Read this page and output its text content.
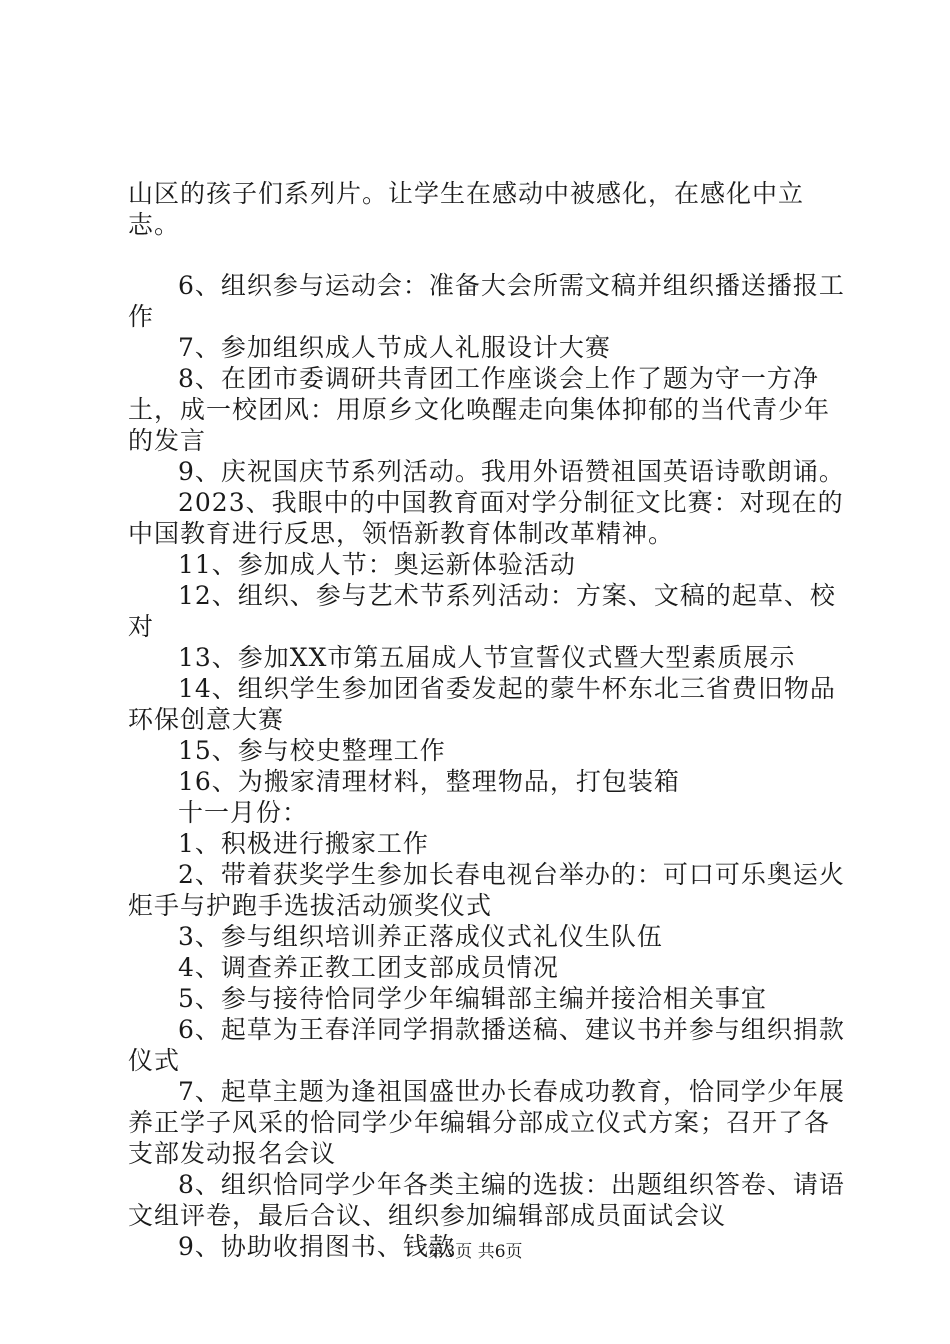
山区的孩子们系列片。让学生在感动中被感化，在感化中立志。

6、组织参与运动会：准备大会所需文稿并组织播送播报工作

7、参加组织成人节成人礼服设计大赛

8、在团市委调研共青团工作座谈会上作了题为守一方净土，成一校团风：用原乡文化唤醒走向集体抑郁的当代青少年的发言

9、庆祝国庆节系列活动。我用外语赞祖国英语诗歌朗诵。

2023、我眼中的中国教育面对学分制征文比赛：对现在的中国教育进行反思，领悟新教育体制改革精神。

11、参加成人节：奥运新体验活动

12、组织、参与艺术节系列活动：方案、文稿的起草、校对

13、参加XX市第五届成人节宣誓仪式暨大型素质展示

14、组织学生参加团省委发起的蒙牛杯东北三省费旧物品环保创意大赛

15、参与校史整理工作

16、为搬家清理材料，整理物品，打包装箱

十一月份：

1、积极进行搬家工作

2、带着获奖学生参加长春电视台举办的：可口可乐奥运火炬手与护跑手选拔活动颁奖仪式

3、参与组织培训养正落成仪式礼仪生队伍

4、调查养正教工团支部成员情况

5、参与接待恰同学少年编辑部主编并接洽相关事宜

6、起草为王春洋同学捐款播送稿、建议书并参与组织捐款仪式

7、起草主题为逢祖国盛世办长春成功教育，恰同学少年展养正学子风采的恰同学少年编辑分部成立仪式方案；召开了各支部发动报名会议

8、组织恰同学少年各类主编的选拔：出题组织答卷、请语文组评卷，最后合议、组织参加编辑部成员面试会议

9、协助收捐图书、钱款

第3页 共6页
